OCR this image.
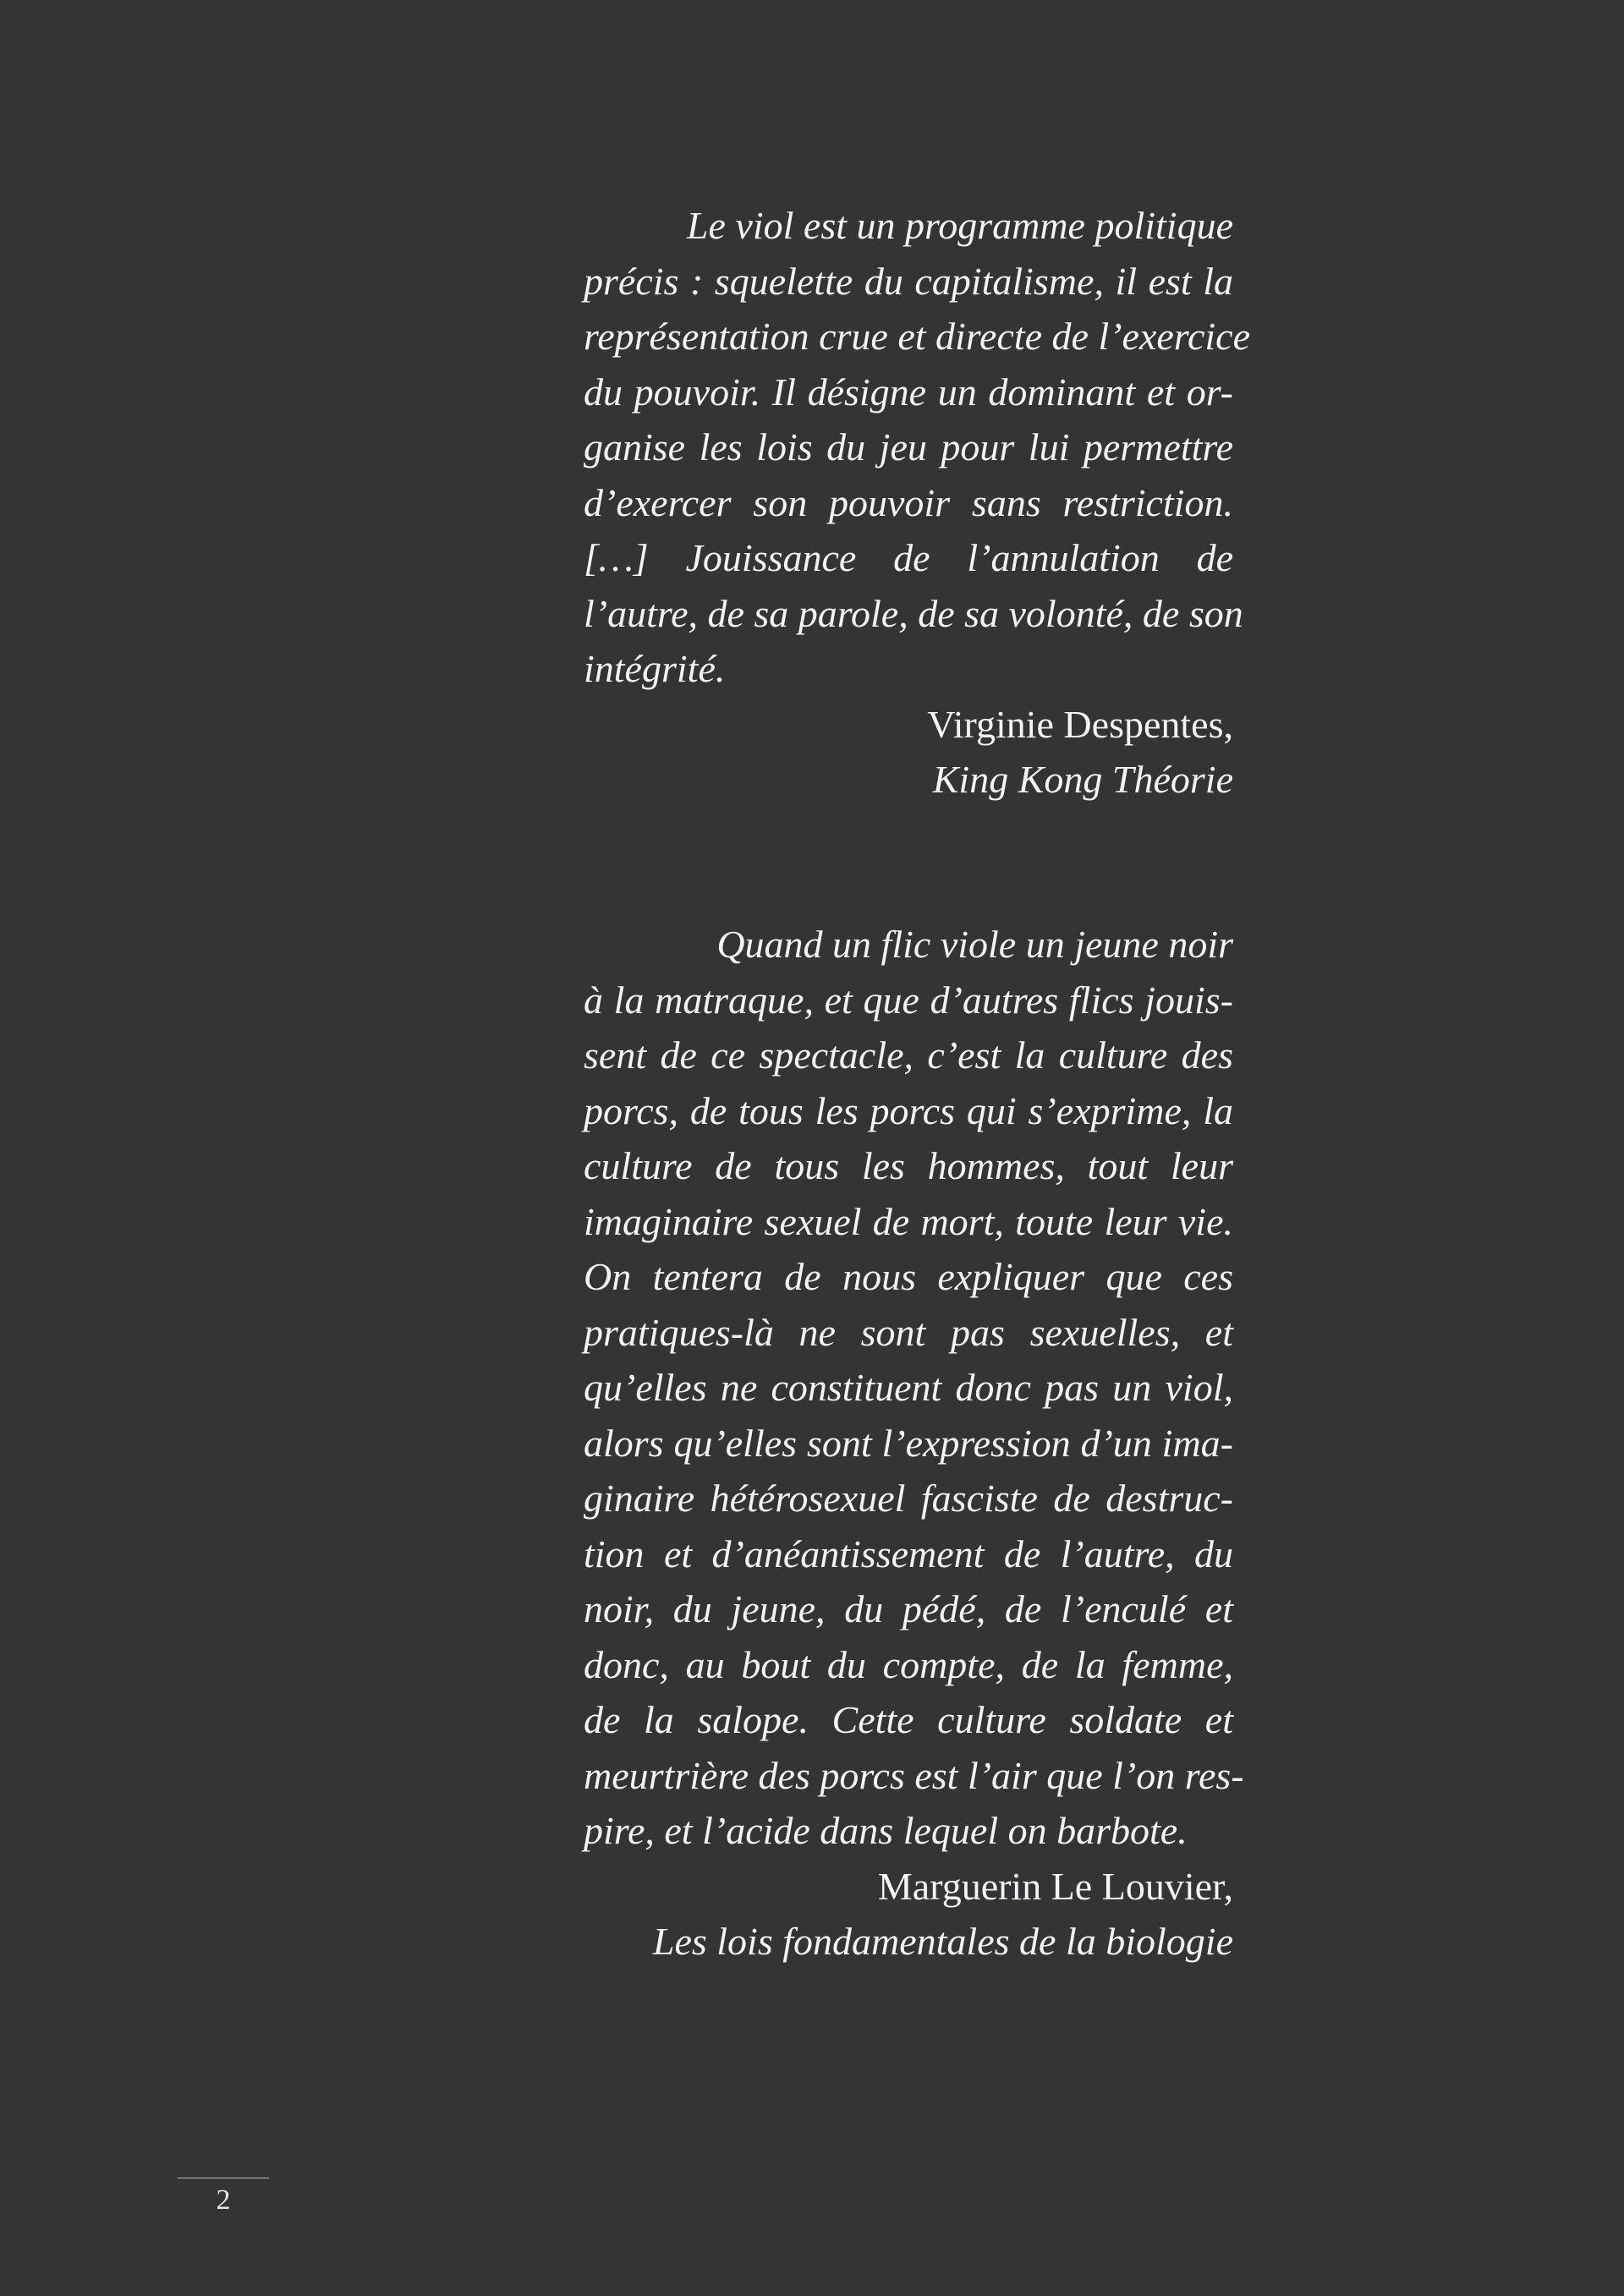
Le viol est un programme politique
précis : squelette du capitalisme, il est la
représentation crue et directe de l’exercice
du pouvoir. Il désigne un dominant et or-
ganise les lois du jeu pour lui permettre
d’exercer son pouvoir sans restriction.
[…] Jouissance de l’annulation de
l’autre, de sa parole, de sa volonté, de son
intégrité.
Virginie Despentes,
King Kong Théorie
Quand un flic viole un jeune noir
à la matraque, et que d’autres flics jouis-
sent de ce spectacle, c’est la culture des
porcs, de tous les porcs qui s’exprime, la
culture de tous les hommes, tout leur
imaginaire sexuel de mort, toute leur vie.
On tentera de nous expliquer que ces
pratiques-là ne sont pas sexuelles, et
qu’elles ne constituent donc pas un viol,
alors qu’elles sont l’expression d’un ima-
ginaire hétérosexuel fasciste de destruc-
tion et d’anéantissement de l’autre, du
noir, du jeune, du pédé, de l’enculé et
donc, au bout du compte, de la femme,
de la salope. Cette culture soldate et
meurtrière des porcs est l’air que l’on res-
pire, et l’acide dans lequel on barbote.
Marguerin Le Louvier,
Les lois fondamentales de la biologie
2
